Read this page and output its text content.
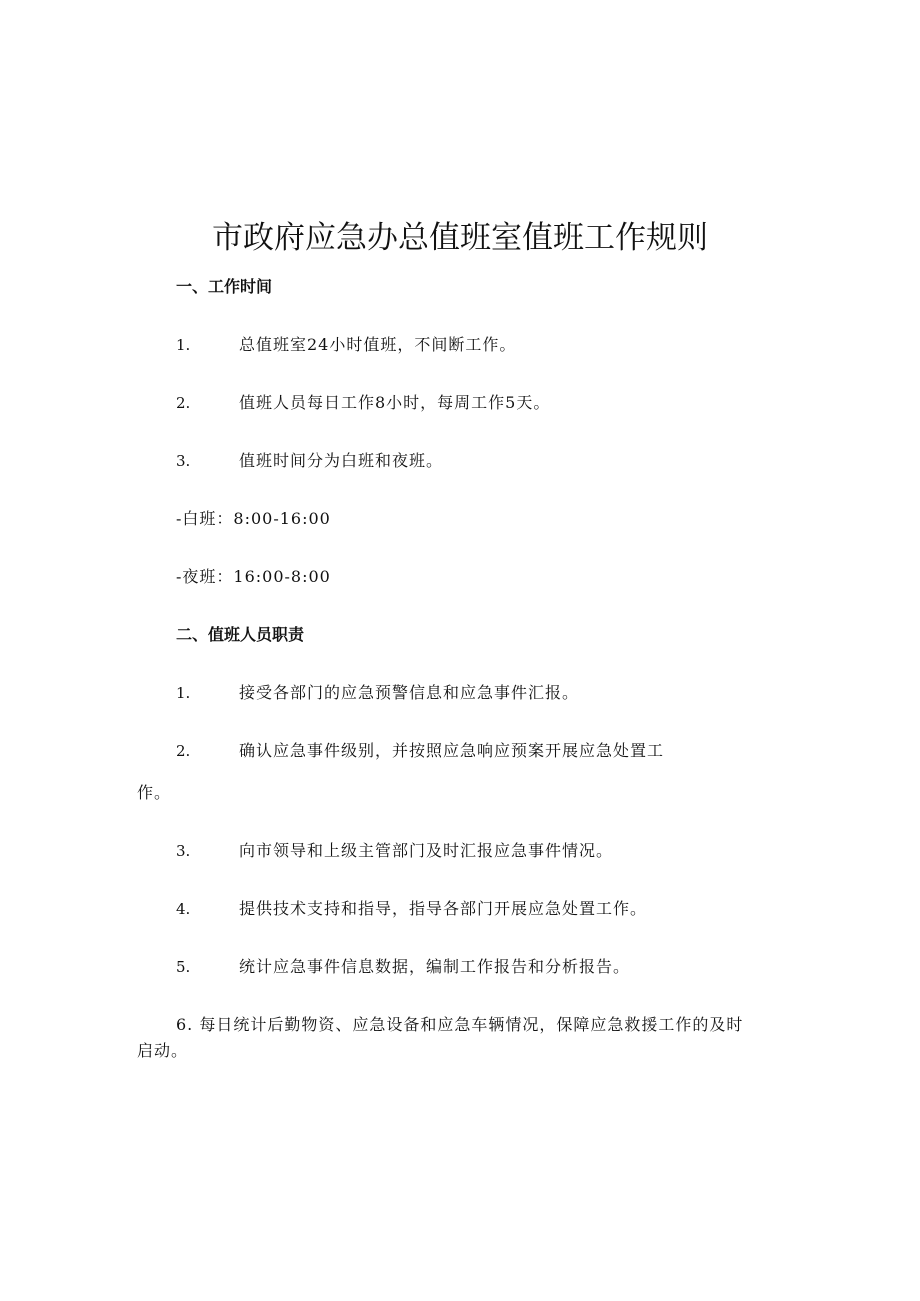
市政府应急办总值班室值班工作规则
一、工作时间
1.	总值班室24小时值班，不间断工作。
2.	值班人员每日工作8小时，每周工作5天。
3.	值班时间分为白班和夜班。
-白班：8:00-16:00
-夜班：16:00-8:00
二、值班人员职责
1.	接受各部门的应急预警信息和应急事件汇报。
2.	确认应急事件级别，并按照应急响应预案开展应急处置工
作。
3.	向市领导和上级主管部门及时汇报应急事件情况。
4.	提供技术支持和指导，指导各部门开展应急处置工作。
5.	统计应急事件信息数据，编制工作报告和分析报告。
6. 每日统计后勤物资、应急设备和应急车辆情况，保障应急救援工作的及时
启动。
